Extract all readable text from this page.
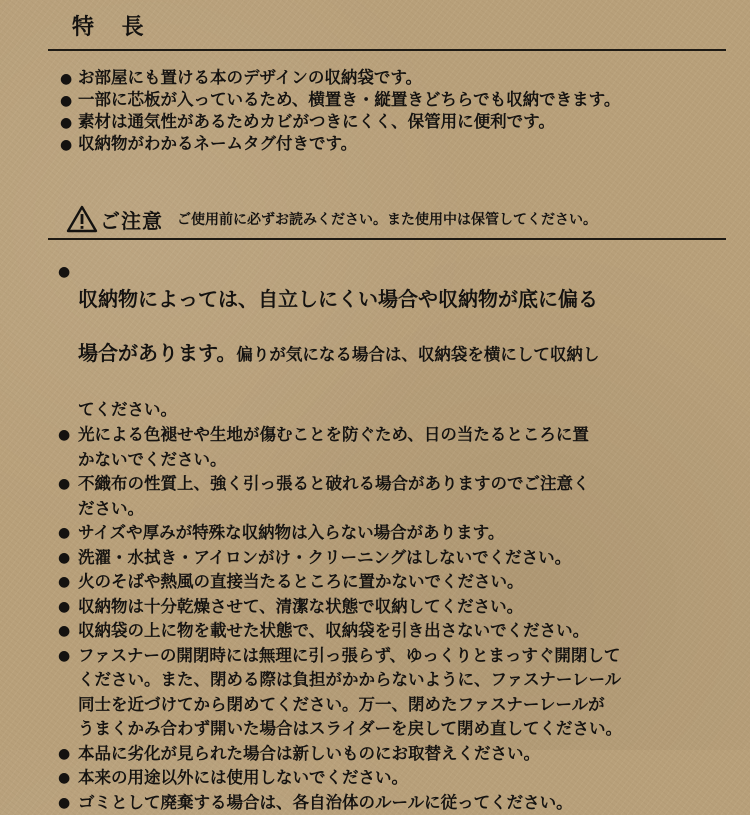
特 長
● お部屋にも置ける本のデザインの収納袋です。
● 一部に芯板が入っているため、横置き・縦置きどちらでも収納できます。
● 素材は通気性があるためカビがつきにくく、保管用に便利です。
● 収納物がわかるネームタグ付きです。
ご注意 ご使用前に必ずお読みください。また使用中は保管してください。
●

収納物によっては、自立しにくい場合や収納物が底に偏る

場合があります。偏りが気になる場合は、収納袋を横にして収納し

てください。

● 光による色褪せや生地が傷むことを防ぐため、日の当たるところに置
かないでください。
● 不織布の性質上、強く引っ張ると破れる場合がありますのでご注意く
ださい。
● サイズや厚みが特殊な収納物は入らない場合があります。
● 洗濯・水拭き・アイロンがけ・クリーニングはしないでください。
● 火のそばや熱風の直接当たるところに置かないでください。
● 収納物は十分乾燥させて、清潔な状態で収納してください。
● 収納袋の上に物を載せた状態で、収納袋を引き出さないでください。
● ファスナーの開閉時には無理に引っ張らず、ゆっくりとまっすぐ開閉して
ください。また、閉める際は負担がかからないように、ファスナーレール
同士を近づけてから閉めてください。万一、閉めたファスナーレールが
うまくかみ合わず開いた場合はスライダーを戻して閉め直してください。
● 本品に劣化が見られた場合は新しいものにお取替えください。
● 本来の用途以外には使用しないでください。
● ゴミとして廃棄する場合は、各自治体のルールに従ってください。
